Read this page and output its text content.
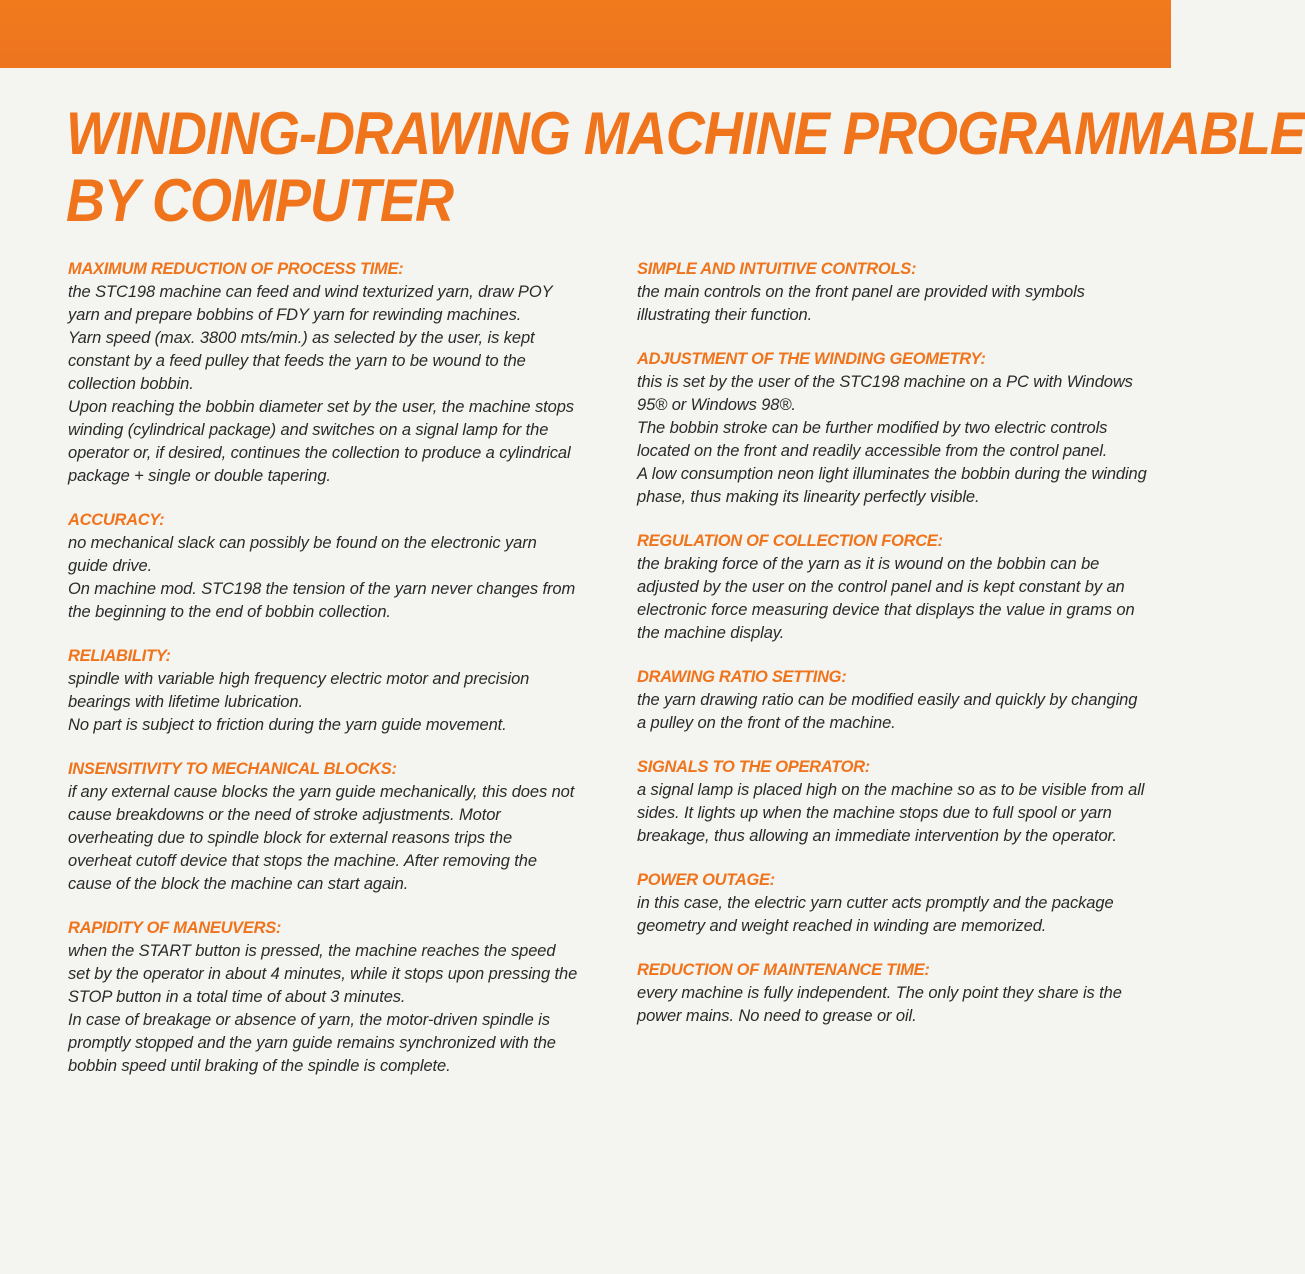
WINDING-DRAWING MACHINE PROGRAMMABLE
BY COMPUTER

MAXIMUM REDUCTION OF PROCESS TIME:

the STC198 machine can feed and wind texturized yarn, draw POY yarn and prepare bobbins of FDY yarn for rewinding machines.

Yarn speed (max. 3800 mts/min.) as selected by the user, is kept constant by a feed pulley that feeds the yarn to be wound to the collection bobbin.

Upon reaching the bobbin diameter set by the user, the machine stops winding (cylindrical package) and switches on a signal lamp for the operator or, if desired, continues the collection to produce a cylindrical package + single or double tapering.

ACCURACY:

no mechanical slack can possibly be found on the electronic yarn guide drive.

On machine mod. STC198 the tension of the yarn never changes from the beginning to the end of bobbin collection.

RELIABILITY:

spindle with variable high frequency electric motor and precision bearings with lifetime lubrication.

No part is subject to friction during the yarn guide movement.

INSENSITIVITY TO MECHANICAL BLOCKS:

if any external cause blocks the yarn guide mechanically, this does not cause breakdowns or the need of stroke adjustments. Motor overheating due to spindle block for external reasons trips the overheat cutoff device that stops the machine. After removing the cause of the block the machine can start again.

RAPIDITY OF MANEUVERS:

when the START button is pressed, the machine reaches the speed set by the operator in about 4 minutes, while it stops upon pressing the STOP button in a total time of about 3 minutes.

In case of breakage or absence of yarn, the motor-driven spindle is promptly stopped and the yarn guide remains synchronized with the bobbin speed until braking of the spindle is complete.

SIMPLE AND INTUITIVE CONTROLS:

the main controls on the front panel are provided with symbols illustrating their function.

ADJUSTMENT OF THE WINDING GEOMETRY:

this is set by the user of the STC198 machine on a PC with Windows 95® or Windows 98®.

The bobbin stroke can be further modified by two electric controls located on the front and readily accessible from the control panel.

A low consumption neon light illuminates the bobbin during the winding phase, thus making its linearity perfectly visible.

REGULATION OF COLLECTION FORCE:

the braking force of the yarn as it is wound on the bobbin can be adjusted by the user on the control panel and is kept constant by an electronic force measuring device that displays the value in grams on the machine display.

DRAWING RATIO SETTING:

the yarn drawing ratio can be modified easily and quickly by changing a pulley on the front of the machine.

SIGNALS TO THE OPERATOR:

a signal lamp is placed high on the machine so as to be visible from all sides. It lights up when the machine stops due to full spool or yarn breakage, thus allowing an immediate intervention by the operator.

POWER OUTAGE:

in this case, the electric yarn cutter acts promptly and the package geometry and weight reached in winding are memorized.

REDUCTION OF MAINTENANCE TIME:

every machine is fully independent. The only point they share is the power mains. No need to grease or oil.
